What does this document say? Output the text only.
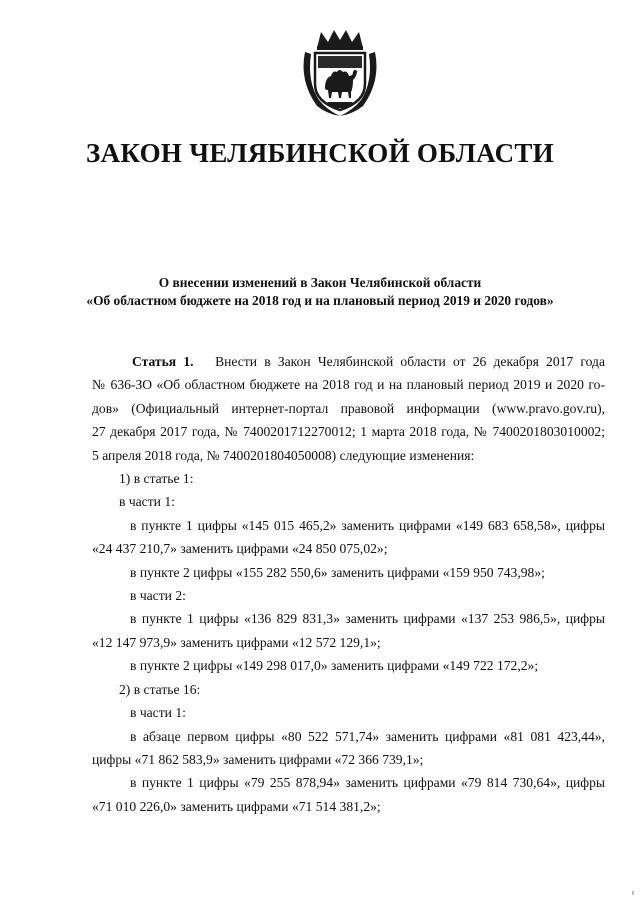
ЗАКОН ЧЕЛЯБИНСКОЙ ОБЛАСТИ
О внесении изменений в Закон Челябинской области
«Об областном бюджете на 2018 год и на плановый период 2019 и 2020 годов»
Статья 1. Внести в Закон Челябинской области от 26 декабря 2017 года
№ 636-ЗО «Об областном бюджете на 2018 год и на плановый период 2019 и 2020 го-
дов» (Официальный интернет-портал правовой информации (www.pravo.gov.ru),
27 декабря 2017 года, № 7400201712270012; 1 марта 2018 года, № 7400201803010002;
5 апреля 2018 года, № 7400201804050008) следующие изменения:
1) в статье 1:
в части 1:
в пункте 1 цифры «145 015 465,2» заменить цифрами «149 683 658,58», цифры
«24 437 210,7» заменить цифрами «24 850 075,02»;
в пункте 2 цифры «155 282 550,6» заменить цифрами «159 950 743,98»;
в части 2:
в пункте 1 цифры «136 829 831,3» заменить цифрами «137 253 986,5», цифры
«12 147 973,9» заменить цифрами «12 572 129,1»;
в пункте 2 цифры «149 298 017,0» заменить цифрами «149 722 172,2»;
2) в статье 16:
в части 1:
в абзаце первом цифры «80 522 571,74» заменить цифрами «81 081 423,44»,
цифры «71 862 583,9» заменить цифрами «72 366 739,1»;
в пункте 1 цифры «79 255 878,94» заменить цифрами «79 814 730,64», цифры
«71 010 226,0» заменить цифрами «71 514 381,2»;
